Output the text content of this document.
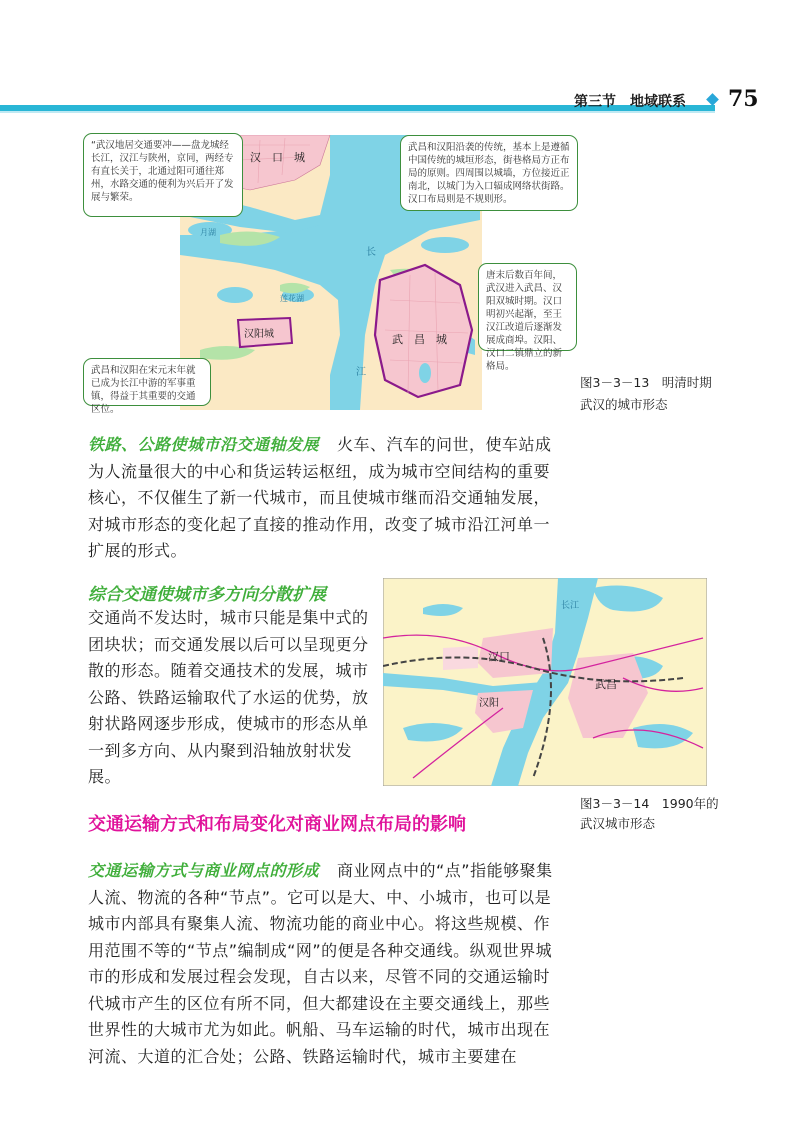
第三节　地域联系 75
汉　口　城
汉阳城	武　昌　城
长
江
月湖
莲花湖
“武汉地居交通要冲——盘龙城经长江，汉江与陕州，京同，两经专有直长关于，北通过阳可通往郑州，水路交通的便利为兴后开了发展与繁荣。
武昌和汉阳沿袭的传统，基本上是遵循中国传统的城垣形态，街巷格局方正布局的原则。四周围以城墙，方位接近正南北，以城门为入口辐成网络状街路。汉口布局则是不规则形。
唐末后数百年间，武汉进入武昌、汉阳双城时期。汉口明初兴起渐，至王汉江改道后逐渐发展成商埠。汉阳、汉口二镇鼎立的新格局。
武昌和汉阳在宋元末年就已成为长江中游的军事重镇，得益于其重要的交通区位。
图3－3－13　明清时期
武汉的城市形态
铁路、公路使城市沿交通轴发展 火车、汽车的问世，使车站成为人流量很大的中心和货运转运枢纽，成为城市空间结构的重要核心，不仅催生了新一代城市，而且使城市继而沿交通轴发展，对城市形态的变化起了直接的推动作用，改变了城市沿江河单一扩展的形式。
综合交通使城市多方向分散扩展
交通尚不发达时，城市只能是集中式的团块状；而交通发展以后可以呈现更分散的形态。随着交通技术的发展，城市公路、铁路运输取代了水运的优势，放射状路网逐步形成，使城市的形态从单一到多方向、从内聚到沿轴放射状发展。
汉口
汉阳
武昌
长江
图3－3－14　1990年的
武汉城市形态
交通运输方式和布局变化对商业网点布局的影响
交通运输方式与商业网点的形成 商业网点中的“点”指能够聚集人流、物流的各种“节点”。它可以是大、中、小城市，也可以是城市内部具有聚集人流、物流功能的商业中心。将这些规模、作用范围不等的“节点”编制成“网”的便是各种交通线。纵观世界城市的形成和发展过程会发现，自古以来，尽管不同的交通运输时代城市产生的区位有所不同，但大都建设在主要交通线上，那些世界性的大城市尤为如此。帆船、马车运输的时代，城市出现在河流、大道的汇合处；公路、铁路运输时代，城市主要建在
